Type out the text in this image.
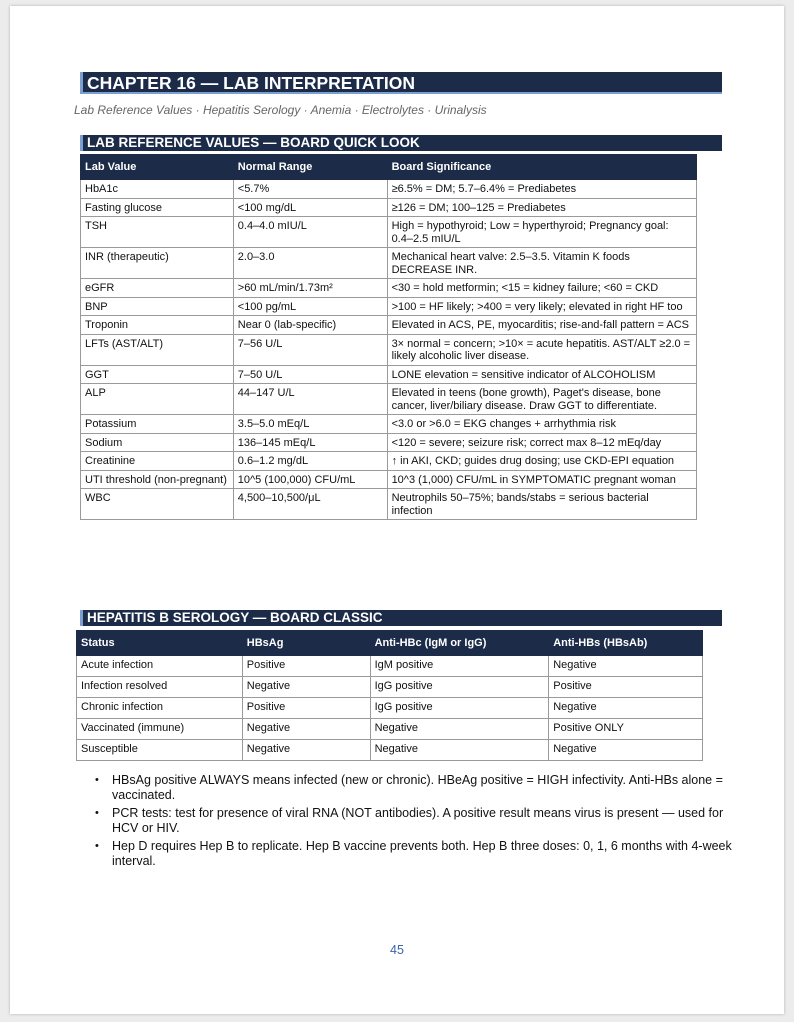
CHAPTER 16 — LAB INTERPRETATION
Lab Reference Values · Hepatitis Serology · Anemia · Electrolytes · Urinalysis
LAB REFERENCE VALUES — BOARD QUICK LOOK
Lab Value	Normal Range	Board Significance
HbA1c	<5.7%	≥6.5% = DM; 5.7–6.4% = Prediabetes
Fasting glucose	<100 mg/dL	≥126 = DM; 100–125 = Prediabetes
TSH	0.4–4.0 mIU/L	High = hypothyroid; Low = hyperthyroid; Pregnancy goal: 0.4–2.5 mIU/L
INR (therapeutic)	2.0–3.0	Mechanical heart valve: 2.5–3.5. Vitamin K foods DECREASE INR.
eGFR	>60 mL/min/1.73m²	<30 = hold metformin; <15 = kidney failure; <60 = CKD
BNP	<100 pg/mL	>100 = HF likely; >400 = very likely; elevated in right HF too
Troponin	Near 0 (lab-specific)	Elevated in ACS, PE, myocarditis; rise-and-fall pattern = ACS
LFTs (AST/ALT)	7–56 U/L	3× normal = concern; >10× = acute hepatitis. AST/ALT ≥2.0 = likely alcoholic liver disease.
GGT	7–50 U/L	LONE elevation = sensitive indicator of ALCOHOLISM
ALP	44–147 U/L	Elevated in teens (bone growth), Paget's disease, bone cancer, liver/biliary disease. Draw GGT to differentiate.
Potassium	3.5–5.0 mEq/L	<3.0 or >6.0 = EKG changes + arrhythmia risk
Sodium	136–145 mEq/L	<120 = severe; seizure risk; correct max 8–12 mEq/day
Creatinine	0.6–1.2 mg/dL	↑ in AKI, CKD; guides drug dosing; use CKD-EPI equation
UTI threshold (non-pregnant)	10^5 (100,000) CFU/mL	10^3 (1,000) CFU/mL in SYMPTOMATIC pregnant woman
WBC	4,500–10,500/μL	Neutrophils 50–75%; bands/stabs = serious bacterial infection
HEPATITIS B SEROLOGY — BOARD CLASSIC
Status	HBsAg	Anti-HBc (IgM or IgG)	Anti-HBs (HBsAb)
Acute infection	Positive	IgM positive	Negative
Infection resolved	Negative	IgG positive	Positive
Chronic infection	Positive	IgG positive	Negative
Vaccinated (immune)	Negative	Negative	Positive ONLY
Susceptible	Negative	Negative	Negative
•	HBsAg positive ALWAYS means infected (new or chronic). HBeAg positive = HIGH infectivity. Anti-HBs alone = vaccinated.
•	PCR tests: test for presence of viral RNA (NOT antibodies). A positive result means virus is present — used for HCV or HIV.
•	Hep D requires Hep B to replicate. Hep B vaccine prevents both. Hep B three doses: 0, 1, 6 months with 4-week interval.
45
